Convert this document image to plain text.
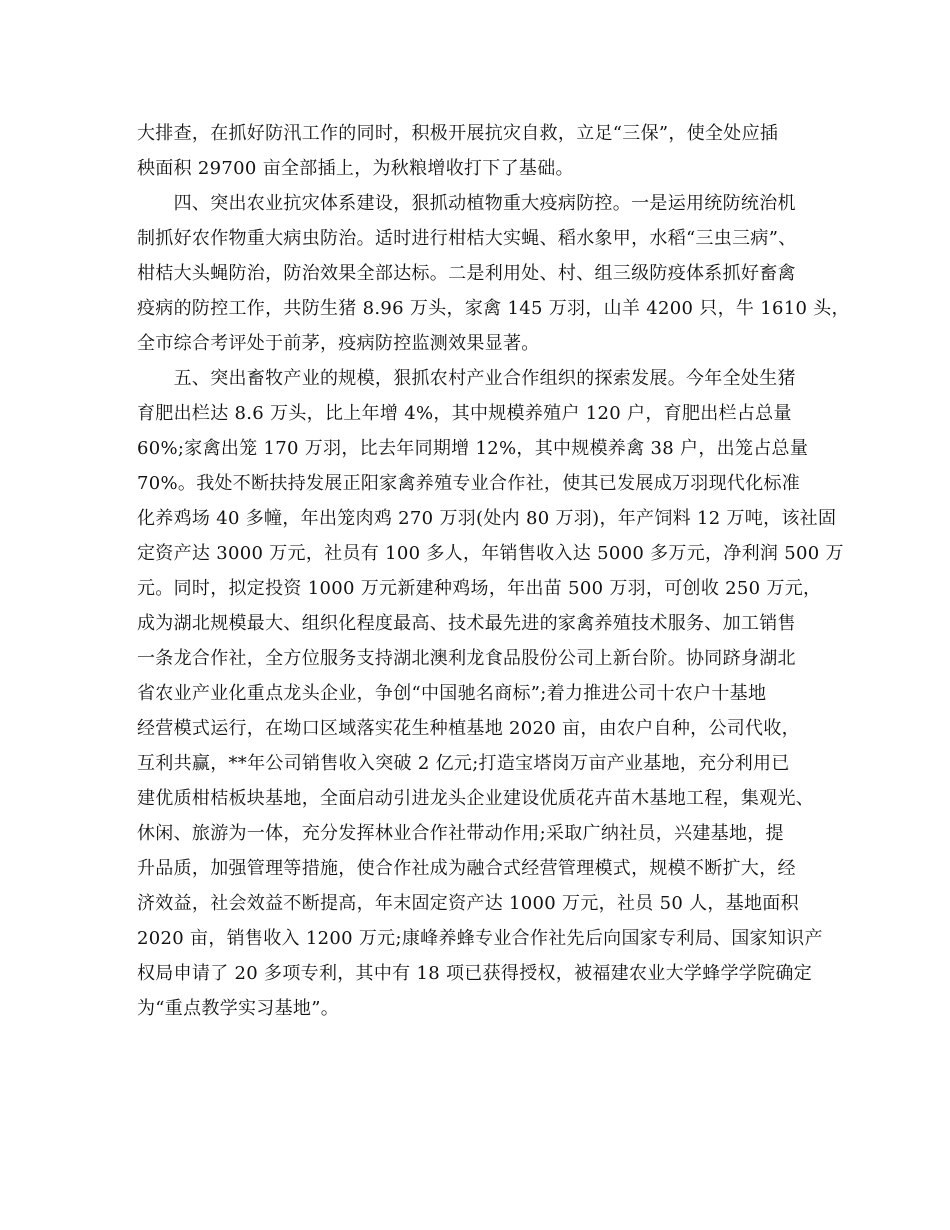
大排查，在抓好防汛工作的同时，积极开展抗灾自救，立足“三保”，使全处应插
秧面积 29700 亩全部插上，为秋粮增收打下了基础。
　　四、突出农业抗灾体系建设，狠抓动植物重大疫病防控。一是运用统防统治机
制抓好农作物重大病虫防治。适时进行柑桔大实蝇、稻水象甲，水稻“三虫三病”、
柑桔大头蝇防治，防治效果全部达标。二是利用处、村、组三级防疫体系抓好畜禽
疫病的防控工作，共防生猪 8.96 万头，家禽 145 万羽，山羊 4200 只，牛 1610 头，
全市综合考评处于前茅，疫病防控监测效果显著。
　　五、突出畜牧产业的规模，狠抓农村产业合作组织的探索发展。今年全处生猪
育肥出栏达 8.6 万头，比上年增 4%，其中规模养殖户 120 户，育肥出栏占总量
60%;家禽出笼 170 万羽，比去年同期增 12%，其中规模养禽 38 户，出笼占总量
70%。我处不断扶持发展正阳家禽养殖专业合作社，使其已发展成万羽现代化标准
化养鸡场 40 多幢，年出笼肉鸡 270 万羽(处内 80 万羽)，年产饲料 12 万吨，该社固
定资产达 3000 万元，社员有 100 多人，年销售收入达 5000 多万元，净利润 500 万
元。同时，拟定投资 1000 万元新建种鸡场，年出苗 500 万羽，可创收 250 万元，
成为湖北规模最大、组织化程度最高、技术最先进的家禽养殖技术服务、加工销售
一条龙合作社，全方位服务支持湖北澳利龙食品股份公司上新台阶。协同跻身湖北
省农业产业化重点龙头企业，争创“中国驰名商标”;着力推进公司十农户十基地
经营模式运行，在坳口区域落实花生种植基地 2020 亩，由农户自种，公司代收，
互利共赢，**年公司销售收入突破 2 亿元;打造宝塔岗万亩产业基地，充分利用已
建优质柑桔板块基地，全面启动引进龙头企业建设优质花卉苗木基地工程，集观光、
休闲、旅游为一体，充分发挥林业合作社带动作用;采取广纳社员，兴建基地，提
升品质，加强管理等措施，使合作社成为融合式经营管理模式，规模不断扩大，经
济效益，社会效益不断提高，年末固定资产达 1000 万元，社员 50 人，基地面积
2020 亩，销售收入 1200 万元;康峰养蜂专业合作社先后向国家专利局、国家知识产
权局申请了 20 多项专利，其中有 18 项已获得授权，被福建农业大学蜂学学院确定
为“重点教学实习基地”。
